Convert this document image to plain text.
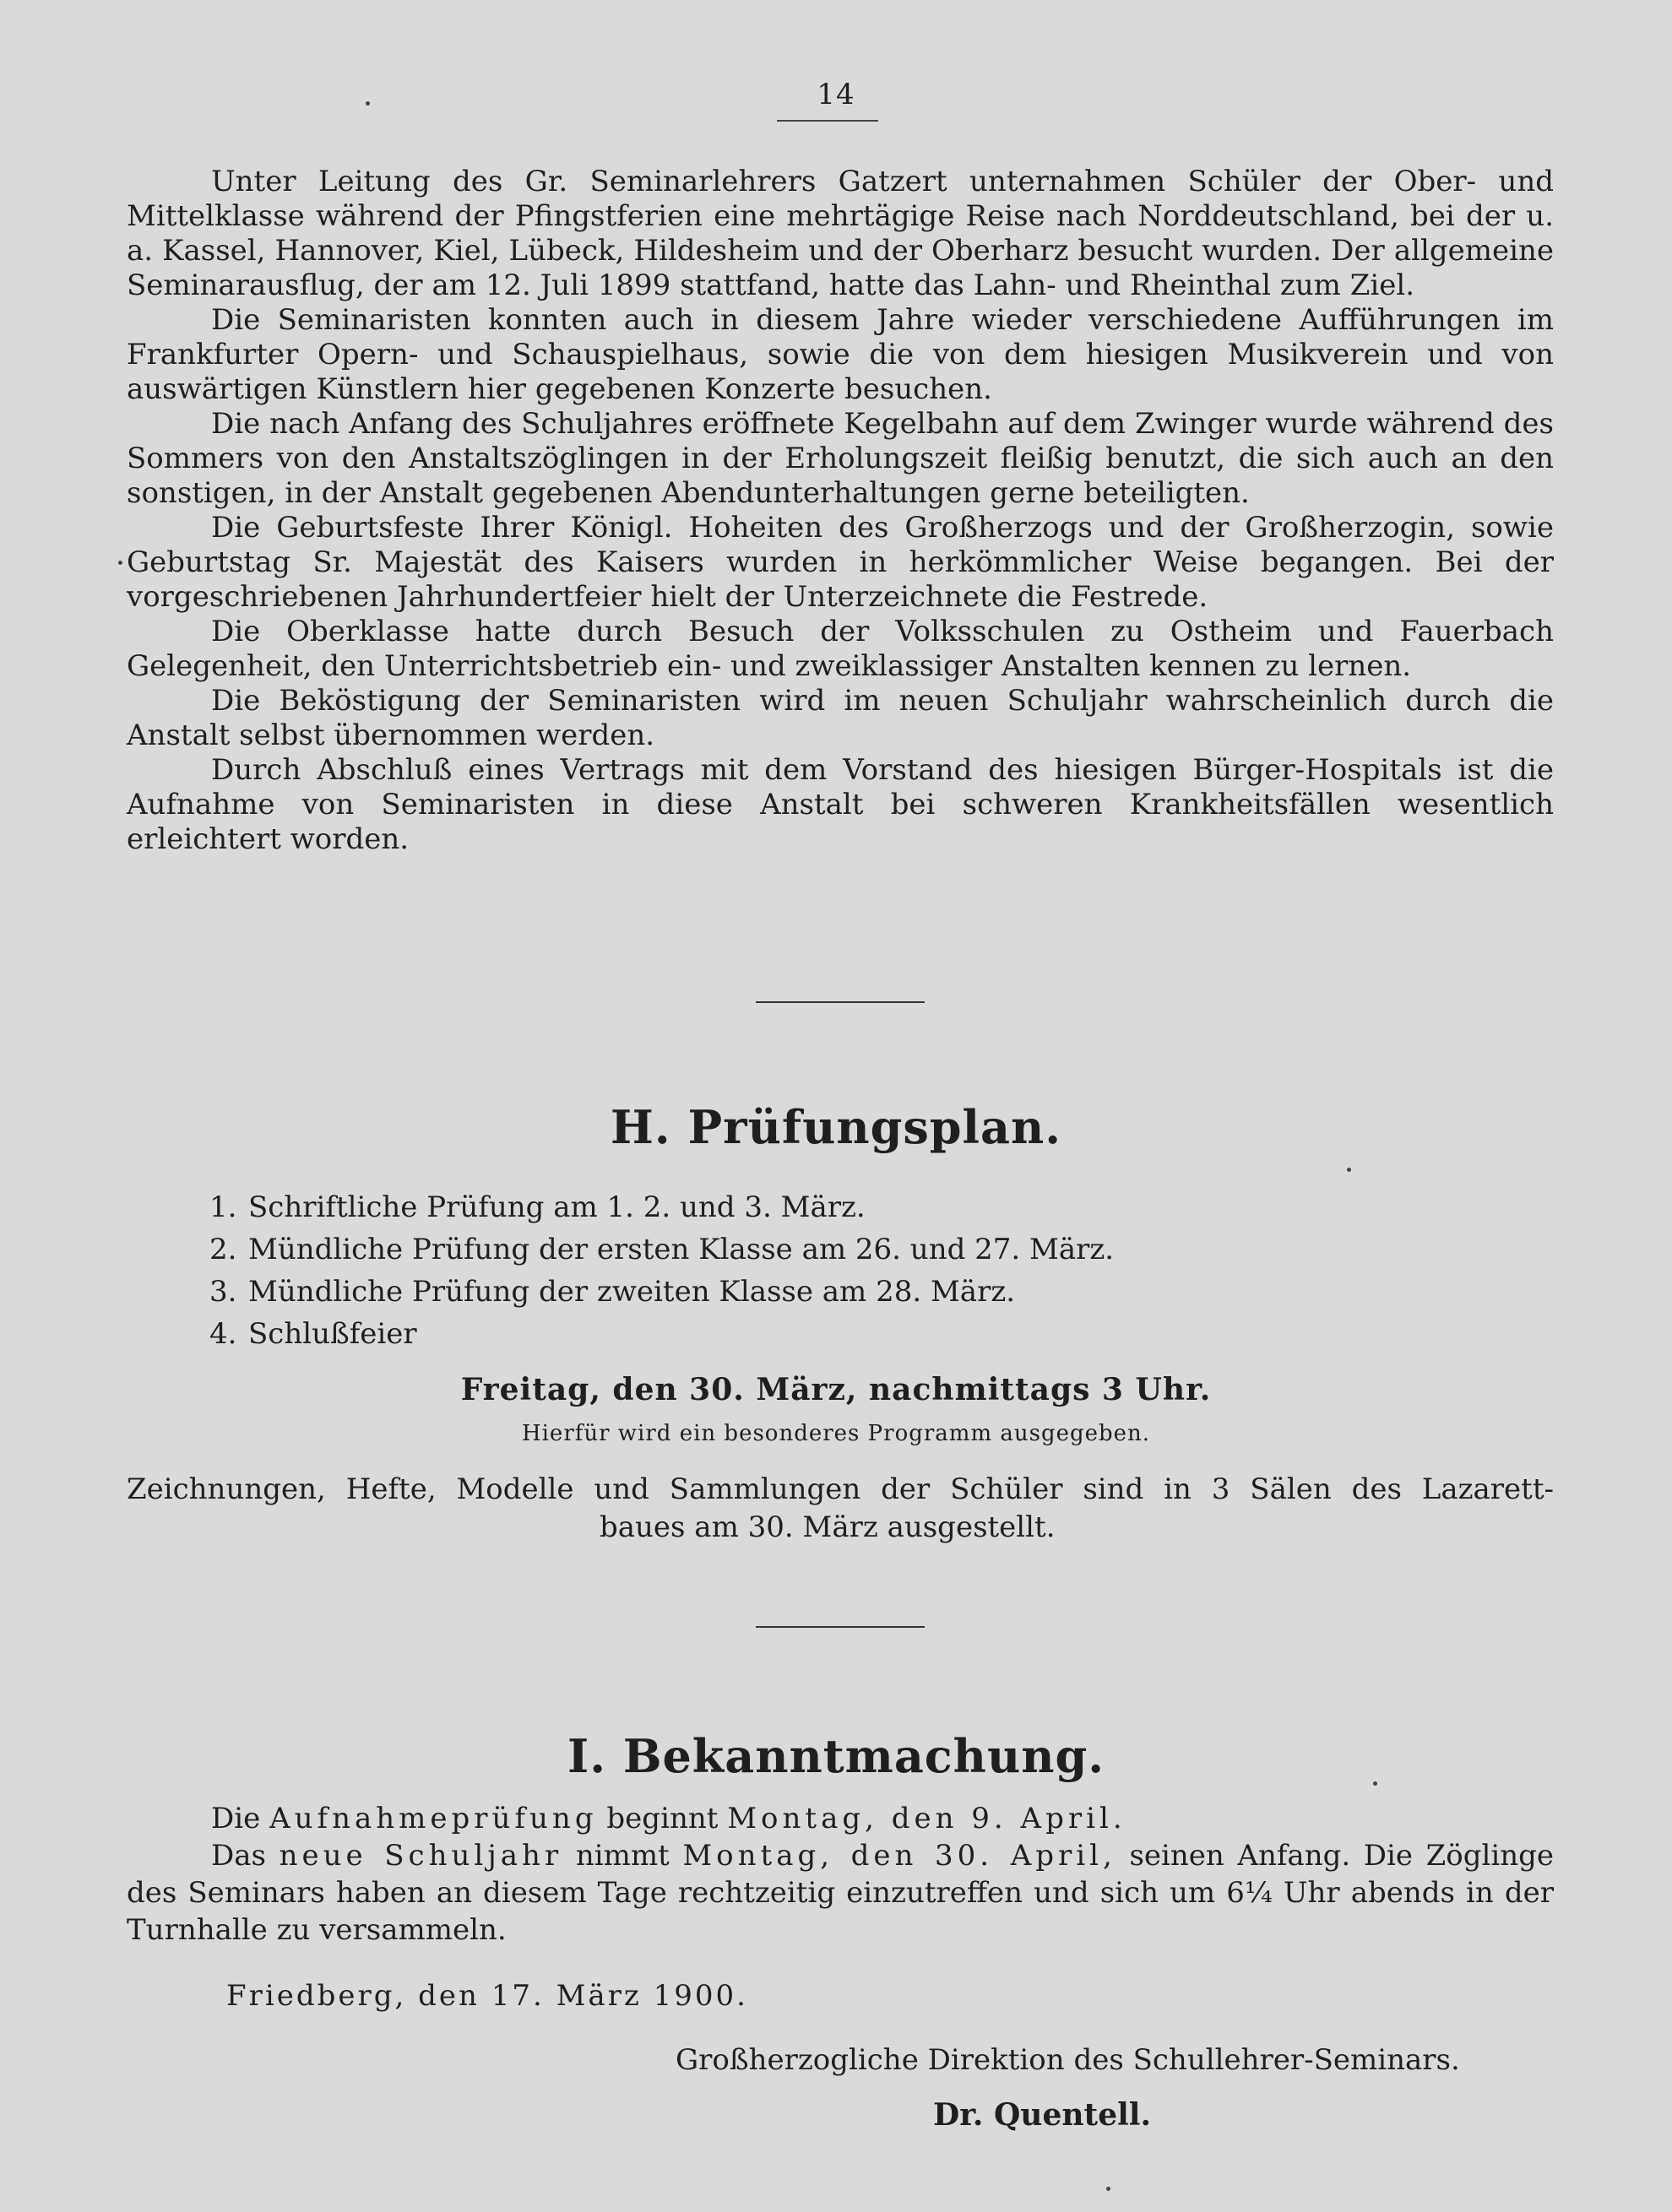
14

Unter Leitung des Gr. Seminarlehrers Gatzert unternahmen Schüler der Ober- und Mittelklasse während der Pfingstferien eine mehrtägige Reise nach Norddeutschland, bei der u. a. Kassel, Hannover, Kiel, Lübeck, Hildesheim und der Oberharz besucht wurden. Der allgemeine Seminarausflug, der am 12. Juli 1899 stattfand, hatte das Lahn- und Rheinthal zum Ziel.

Die Seminaristen konnten auch in diesem Jahre wieder verschiedene Aufführungen im Frankfurter Opern- und Schauspielhaus, sowie die von dem hiesigen Musikverein und von auswärtigen Künstlern hier gegebenen Konzerte besuchen.

Die nach Anfang des Schuljahres eröffnete Kegelbahn auf dem Zwinger wurde während des Sommers von den Anstaltszöglingen in der Erholungszeit fleißig benutzt, die sich auch an den sonstigen, in der Anstalt gegebenen Abendunterhaltungen gerne beteiligten.

Die Geburtsfeste Ihrer Königl. Hoheiten des Großherzogs und der Großherzogin, sowie Geburtstag Sr. Majestät des Kaisers wurden in herkömmlicher Weise begangen. Bei der vorgeschriebenen Jahrhundertfeier hielt der Unterzeichnete die Festrede.

Die Oberklasse hatte durch Besuch der Volksschulen zu Ostheim und Fauerbach Gelegenheit, den Unterrichtsbetrieb ein- und zweiklassiger Anstalten kennen zu lernen.

Die Beköstigung der Seminaristen wird im neuen Schuljahr wahrscheinlich durch die Anstalt selbst übernommen werden.

Durch Abschluß eines Vertrags mit dem Vorstand des hiesigen Bürger-Hospitals ist die Aufnahme von Seminaristen in diese Anstalt bei schweren Krankheitsfällen wesentlich erleichtert worden.

H. Prüfungsplan.
1. Schriftliche Prüfung am 1. 2. und 3. März.
2. Mündliche Prüfung der ersten Klasse am 26. und 27. März.
3. Mündliche Prüfung der zweiten Klasse am 28. März.
4. Schlußfeier
Freitag, den 30. März, nachmittags 3 Uhr.
Hierfür wird ein besonderes Programm ausgegeben.
Zeichnungen, Hefte, Modelle und Sammlungen der Schüler sind in 3 Sälen des Lazarett-
baues am 30. März ausgestellt.
I. Bekanntmachung.

Die Aufnahmeprüfung beginnt Montag, den 9. April.

Das neue Schuljahr nimmt Montag, den 30. April, seinen Anfang. Die Zöglinge des Seminars haben an diesem Tage rechtzeitig einzutreffen und sich um 6¼ Uhr abends in der Turnhalle zu versammeln.

Friedberg, den 17. März 1900.
Großherzogliche Direktion des Schullehrer-Seminars.
Dr. Quentell.
